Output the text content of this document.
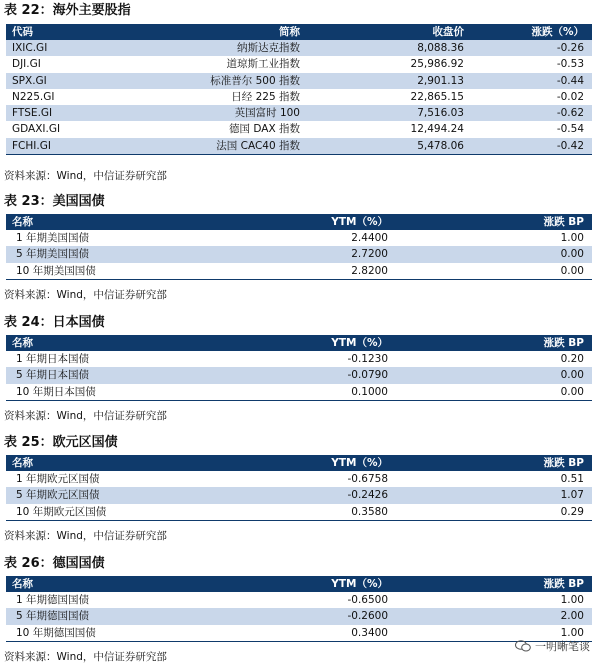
表 22：海外主要股指
代码	简称	收盘价	涨跌（%）
IXIC.GI	纳斯达克指数	8,088.36	-0.26
DJI.GI	道琼斯工业指数	25,986.92	-0.53
SPX.GI	标准普尔 500 指数	2,901.13	-0.44
N225.GI	日经 225 指数	22,865.15	-0.02
FTSE.GI	英国富时 100	7,516.03	-0.62
GDAXI.GI	德国 DAX 指数	12,494.24	-0.54
FCHI.GI	法国 CAC40 指数	5,478.06	-0.42
资料来源：Wind，中信证券研究部
表 23：美国国债
名称	YTM（%）	涨跌 BP
1 年期美国国债	2.4400	1.00
5 年期美国国债	2.7200	0.00
10 年期美国国债	2.8200	0.00
资料来源：Wind，中信证券研究部
表 24：日本国债
名称	YTM（%）	涨跌 BP
1 年期日本国债	-0.1230	0.20
5 年期日本国债	-0.0790	0.00
10 年期日本国债	0.1000	0.00
资料来源：Wind，中信证券研究部
表 25：欧元区国债
名称	YTM（%）	涨跌 BP
1 年期欧元区国债	-0.6758	0.51
5 年期欧元区国债	-0.2426	1.07
10 年期欧元区国债	0.3580	0.29
资料来源：Wind，中信证券研究部
表 26：德国国债
名称	YTM（%）	涨跌 BP
1 年期德国国债	-0.6500	1.00
5 年期德国国债	-0.2600	2.00
10 年期德国国债	0.3400	1.00
资料来源：Wind，中信证券研究部
一明晰笔谈
